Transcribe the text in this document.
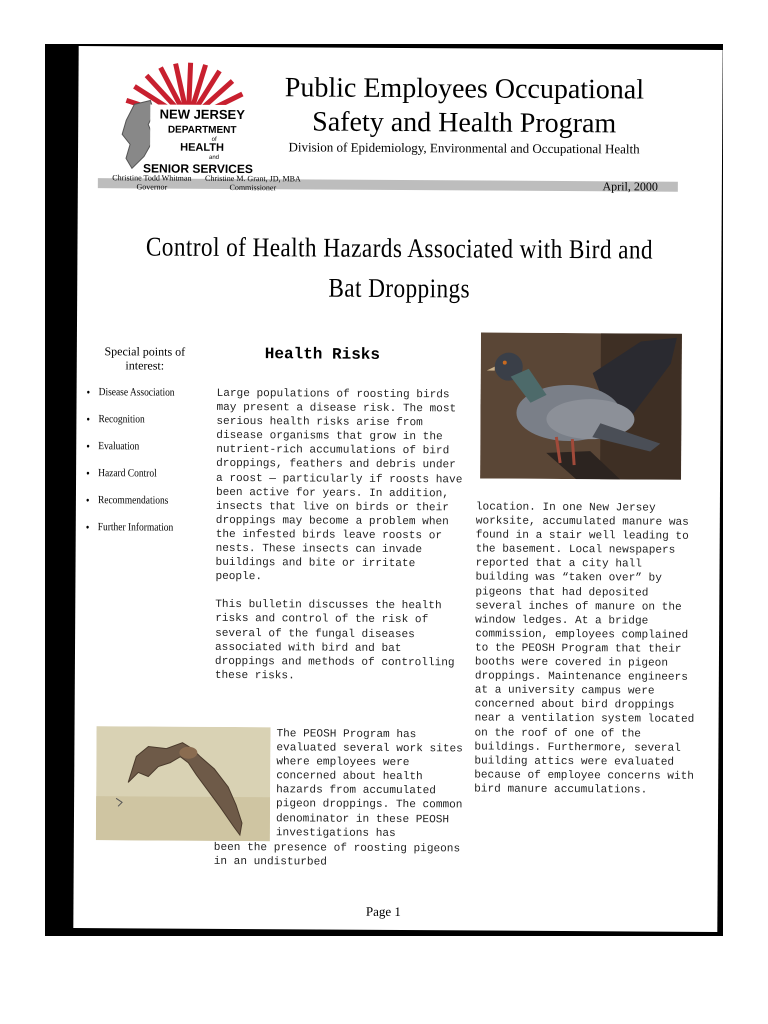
NEW JERSEY
DEPARTMENT
of
HEALTH
and
SENIOR SERVICES
Public Employees Occupational Safety and Health Program
Division of Epidemiology, Environmental and Occupational Health
Christine Todd Whitman
Governor
Christine M. Grant, JD, MBA
Commissioner	April, 2000
Control of Health Hazards Associated with Bird and Bat Droppings
Special points of interest:
• Disease Association
• Recognition
• Evaluation
• Hazard Control
• Recommendations
• Further Information
Health Risks

Large populations of roosting birds may present a disease risk. The most serious health risks arise from disease organisms that grow in the nutrient-rich accumulations of bird droppings, feathers and debris under a roost — particularly if roosts have been active for years. In addition, insects that live on birds or their droppings may become a problem when the infested birds leave roosts or nests. These insects can invade buildings and bite or irritate people.

This bulletin discusses the health risks and control of the risk of several of the fungal diseases associated with bird and bat droppings and methods of controlling these risks.

The PEOSH Program has evaluated several work sites where employees were concerned about health hazards from accumulated pigeon droppings. The common denominator in these PEOSH investigations has

been the presence of roosting pigeons in an undisturbed

location. In one New Jersey worksite, accumulated manure was found in a stair well leading to the basement. Local newspapers reported that a city hall building was “taken over” by pigeons that had deposited several inches of manure on the window ledges. At a bridge commission, employees complained to the PEOSH Program that their booths were covered in pigeon droppings. Maintenance engineers at a university campus were concerned about bird droppings near a ventilation system located on the roof of one of the buildings. Furthermore, several building attics were evaluated because of employee concerns with bird manure accumulations.

Page 1
